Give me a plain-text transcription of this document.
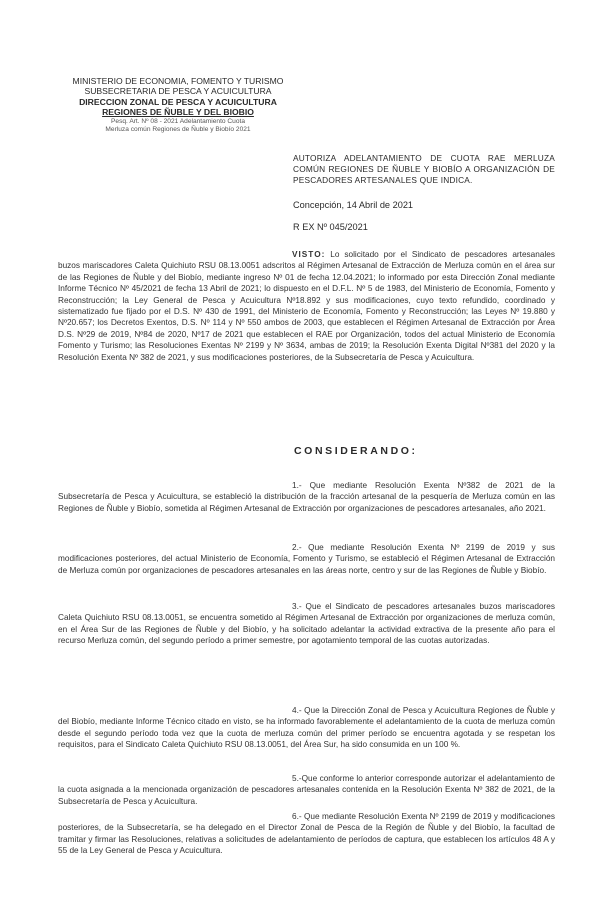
MINISTERIO DE ECONOMIA, FOMENTO Y TURISMO
SUBSECRETARIA DE PESCA Y ACUICULTURA
DIRECCION ZONAL DE PESCA Y ACUICULTURA
REGIONES DE ÑUBLE Y DEL BIOBIO
Pesq. Art. Nº 08 - 2021 Adelantamiento Cuota
Merluza común Regiones de Ñuble y Biobío 2021
AUTORIZA ADELANTAMIENTO DE CUOTA RAE MERLUZA COMÚN REGIONES DE ÑUBLE Y BIOBÍO A ORGANIZACIÓN DE PESCADORES ARTESANALES QUE INDICA.
Concepción, 14 Abril de 2021
R EX Nº 045/2021
VISTO: Lo solicitado por el Sindicato de pescadores artesanales buzos mariscadores Caleta Quichiuto RSU 08.13.0051 adscritos al Régimen Artesanal de Extracción de Merluza común en el área sur de las Regiones de Ñuble y del Biobío, mediante ingreso Nº 01 de fecha 12.04.2021; lo informado por esta Dirección Zonal mediante Informe Técnico Nº 45/2021 de fecha 13 Abril de 2021; lo dispuesto en el D.F.L. Nº 5 de 1983, del Ministerio de Economía, Fomento y Reconstrucción; la Ley General de Pesca y Acuicultura Nº18.892 y sus modificaciones, cuyo texto refundido, coordinado y sistematizado fue fijado por el D.S. Nº 430 de 1991, del Ministerio de Economía, Fomento y Reconstrucción; las Leyes Nº 19.880 y Nº20.657; los Decretos Exentos, D.S. Nº 114 y Nº 550 ambos de 2003, que establecen el Régimen Artesanal de Extracción por Área D.S. Nº29 de 2019, Nº84 de 2020, Nº17 de 2021 que establecen el RAE por Organización, todos del actual Ministerio de Economía Fomento y Turismo; las Resoluciones Exentas Nº 2199 y Nº 3634, ambas de 2019; la Resolución Exenta Digital Nº381 del 2020 y la Resolución Exenta Nº 382 de 2021, y sus modificaciones posteriores, de la Subsecretaría de Pesca y Acuicultura.
CONSIDERANDO:
1.- Que mediante Resolución Exenta Nº382 de 2021 de la Subsecretaría de Pesca y Acuicultura, se estableció la distribución de la fracción artesanal de la pesquería de Merluza común en las Regiones de Ñuble y Biobío, sometida al Régimen Artesanal de Extracción por organizaciones de pescadores artesanales, año 2021.
2.- Que mediante Resolución Exenta Nº 2199 de 2019 y sus modificaciones posteriores, del actual Ministerio de Economía, Fomento y Turismo, se estableció el Régimen Artesanal de Extracción de Merluza común por organizaciones de pescadores artesanales en las áreas norte, centro y sur de las Regiones de Ñuble y Biobío.
3.- Que el Sindicato de pescadores artesanales buzos mariscadores Caleta Quichiuto RSU 08.13.0051, se encuentra sometido al Régimen Artesanal de Extracción por organizaciones de merluza común, en el Área Sur de las Regiones de Ñuble y del Biobío, y ha solicitado adelantar la actividad extractiva de la presente año para el recurso Merluza común, del segundo período a primer semestre, por agotamiento temporal de las cuotas autorizadas.
4.- Que la Dirección Zonal de Pesca y Acuicultura Regiones de Ñuble y del Biobío, mediante Informe Técnico citado en visto, se ha informado favorablemente el adelantamiento de la cuota de merluza común desde el segundo período toda vez que la cuota de merluza común del primer período se encuentra agotada y se respetan los requisitos, para el Sindicato Caleta Quichiuto RSU 08.13.0051, del Área Sur, ha sido consumida en un 100 %.
5.-Que conforme lo anterior corresponde autorizar el adelantamiento de la cuota asignada a la mencionada organización de pescadores artesanales contenida en la Resolución Exenta Nº 382 de 2021, de la Subsecretaría de Pesca y Acuicultura.
6.- Que mediante Resolución Exenta Nº 2199 de 2019 y modificaciones posteriores, de la Subsecretaría, se ha delegado en el Director Zonal de Pesca de la Región de Ñuble y del Biobío, la facultad de tramitar y firmar las Resoluciones, relativas a solicitudes de adelantamiento de períodos de captura, que establecen los artículos 48 A y 55 de la Ley General de Pesca y Acuicultura.
